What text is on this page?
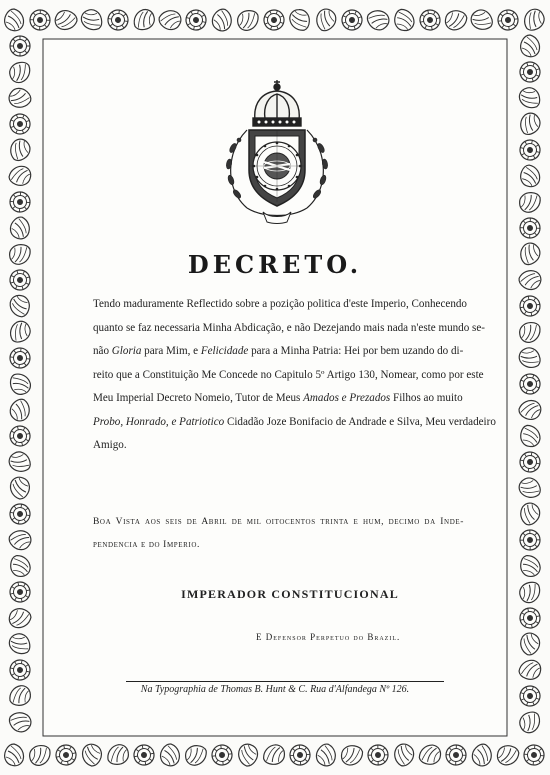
DECRETO.
Tendo maduramente Reflectido sobre a pozição politica d'este Imperio, Conhecendo
quanto se faz necessaria Minha Abdicação, e não Dezejando mais nada n'este mundo se-
não Gloria para Mim, e Felicidade para a Minha Patria: Hei por bem uzando do di-
reito que a Constituição Me Concede no Capitulo 5º Artigo 130, Nomear, como por este
Meu Imperial Decreto Nomeio, Tutor de Meus Amados e Prezados Filhos ao muito
Probo, Honrado, e Patriotico Cidadão Joze Bonifacio de Andrade e Silva, Meu verdadeiro
Amigo.
Boa Vista aos seis de Abril de mil oitocentos trinta e hum, decimo da Inde-
pendencia e do Imperio.
IMPERADOR CONSTITUCIONAL
E Defensor Perpetuo do Brazil.
Na Typographia de Thomas B. Hunt & C. Rua d'Alfandega Nº 126.
